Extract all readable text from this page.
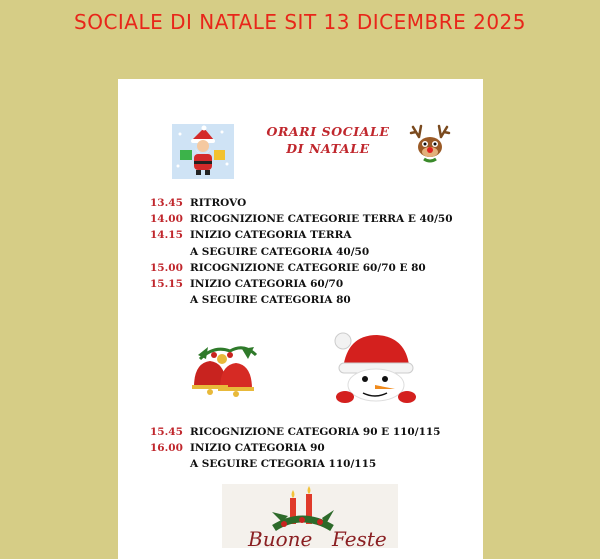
SOCIALE DI NATALE SIT 13 DICEMBRE 2025
ORARI SOCIALE
DI NATALE
13.45 RITROVO
14.00 RICOGNIZIONE CATEGORIE TERRA E 40/50
14.15 INIZIO CATEGORIA TERRA
A SEGUIRE CATEGORIA 40/50
15.00 RICOGNIZIONE CATEGORIE 60/70 E 80
15.15 INIZIO CATEGORIA 60/70
A SEGUIRE CATEGORIA 80
15.45 RICOGNIZIONE CATEGORIA 90 E 110/115
16.00 INIZIO CATEGORIA 90
A SEGUIRE CTEGORIA 110/115
Buone Feste
